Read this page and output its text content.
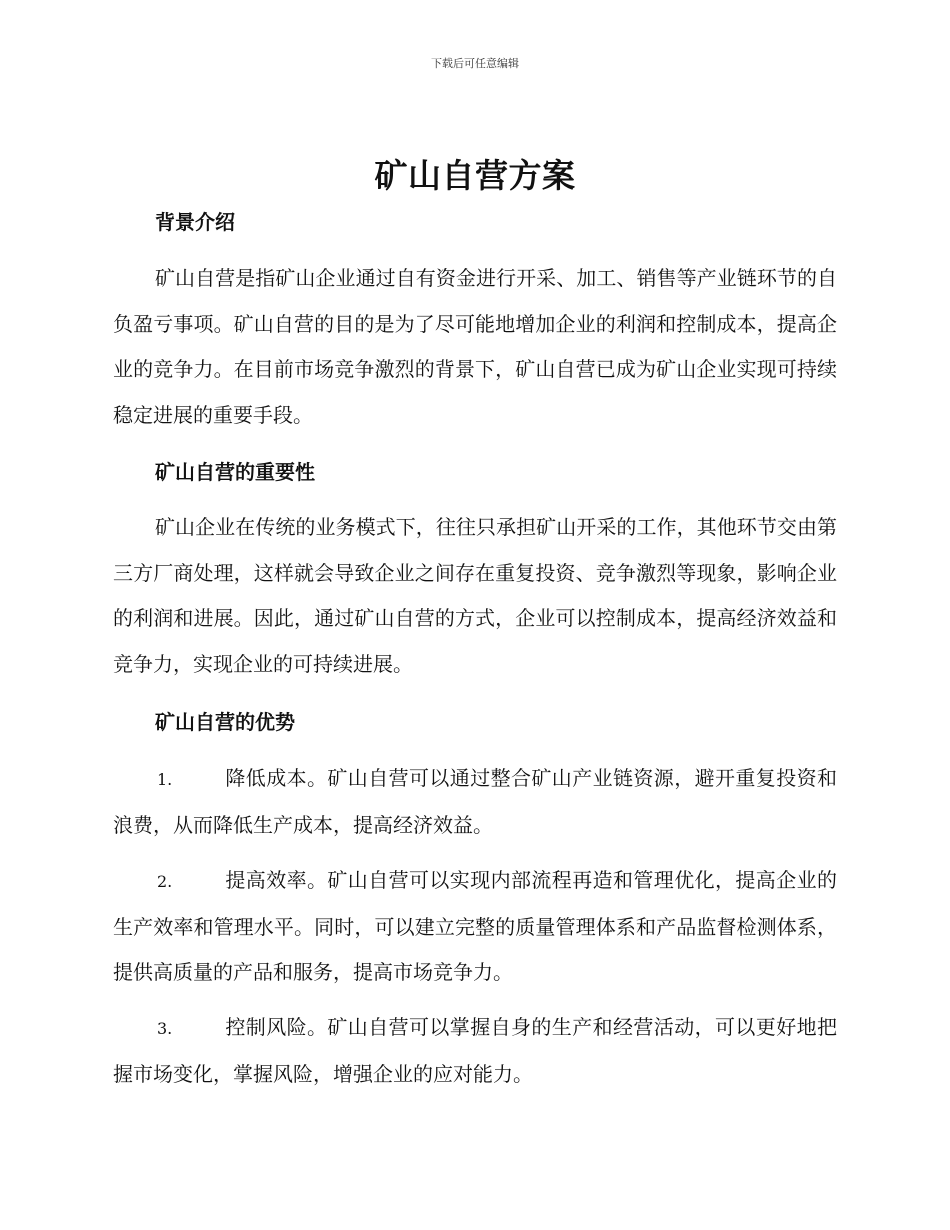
下载后可任意编辑
矿山自营方案
背景介绍
矿山自营是指矿山企业通过自有资金进行开采、加工、销售等产业链环节的自负盈亏事项。矿山自营的目的是为了尽可能地增加企业的利润和控制成本，提高企业的竞争力。在目前市场竞争激烈的背景下，矿山自营已成为矿山企业实现可持续稳定进展的重要手段。
矿山自营的重要性
矿山企业在传统的业务模式下，往往只承担矿山开采的工作，其他环节交由第三方厂商处理，这样就会导致企业之间存在重复投资、竞争激烈等现象，影响企业的利润和进展。因此，通过矿山自营的方式，企业可以控制成本，提高经济效益和竞争力，实现企业的可持续进展。
矿山自营的优势
1.	降低成本。矿山自营可以通过整合矿山产业链资源，避开重复投资和浪费，从而降低生产成本，提高经济效益。
2.	提高效率。矿山自营可以实现内部流程再造和管理优化，提高企业的生产效率和管理水平。同时，可以建立完整的质量管理体系和产品监督检测体系，提供高质量的产品和服务，提高市场竞争力。
3.	控制风险。矿山自营可以掌握自身的生产和经营活动，可以更好地把握市场变化，掌握风险，增强企业的应对能力。
